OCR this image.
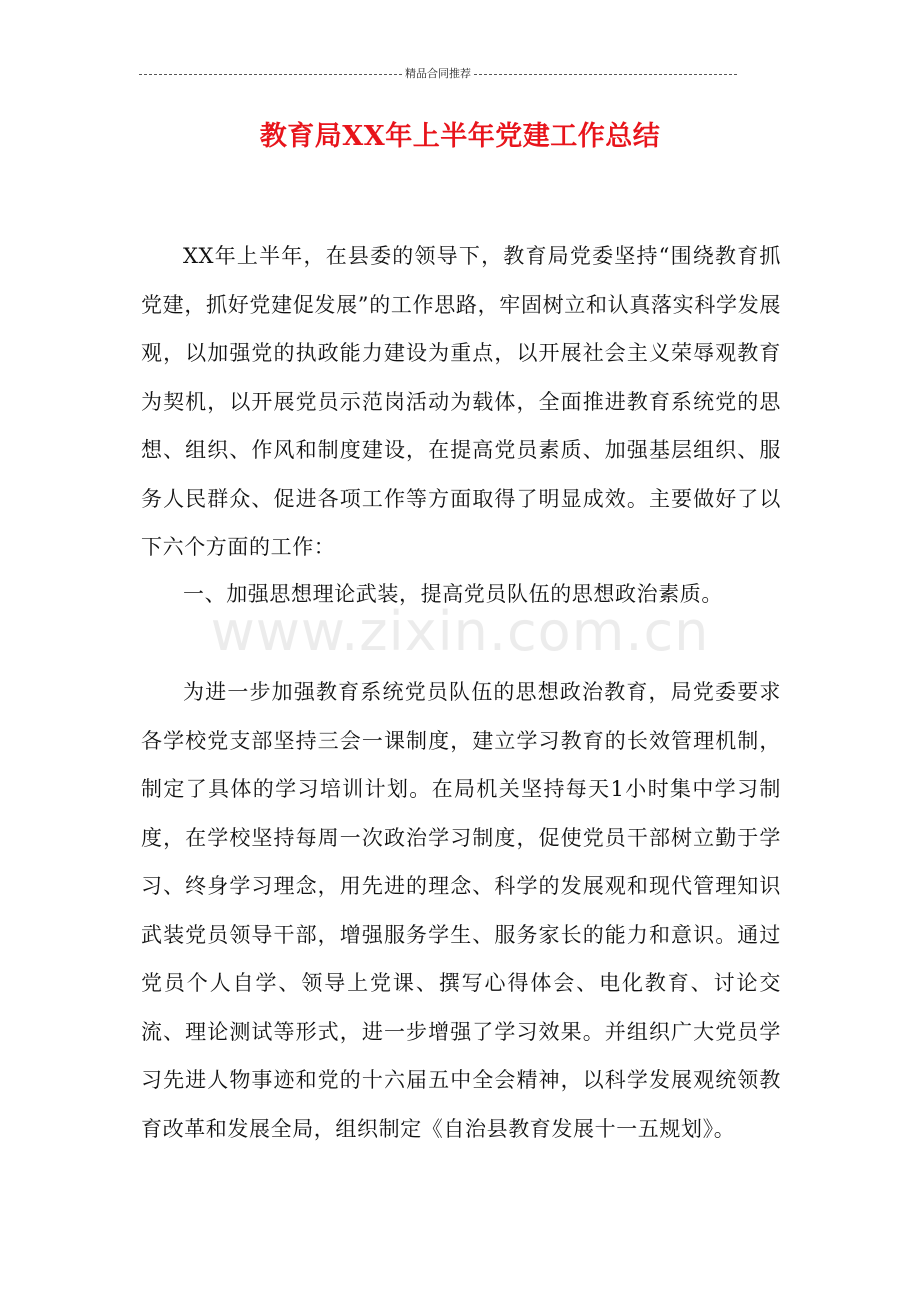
精品合同推荐
教育局XX年上半年党建工作总结

XX年上半年，在县委的领导下，教育局党委坚持“围绕教育抓党建，抓好党建促发展”的工作思路，牢固树立和认真落实科学发展观，以加强党的执政能力建设为重点，以开展社会主义荣辱观教育为契机，以开展党员示范岗活动为载体，全面推进教育系统党的思想、组织、作风和制度建设，在提高党员素质、加强基层组织、服务人民群众、促进各项工作等方面取得了明显成效。主要做好了以下六个方面的工作：

一、加强思想理论武装，提高党员队伍的思想政治素质。

www.zixin.com.cn

为进一步加强教育系统党员队伍的思想政治教育，局党委要求各学校党支部坚持三会一课制度，建立学习教育的长效管理机制，制定了具体的学习培训计划。在局机关坚持每天1小时集中学习制度，在学校坚持每周一次政治学习制度，促使党员干部树立勤于学习、终身学习理念，用先进的理念、科学的发展观和现代管理知识武装党员领导干部，增强服务学生、服务家长的能力和意识。通过党员个人自学、领导上党课、撰写心得体会、电化教育、讨论交流、理论测试等形式，进一步增强了学习效果。并组织广大党员学习先进人物事迹和党的十六届五中全会精神，以科学发展观统领教育改革和发展全局，组织制定《自治县教育发展十一五规划》。
